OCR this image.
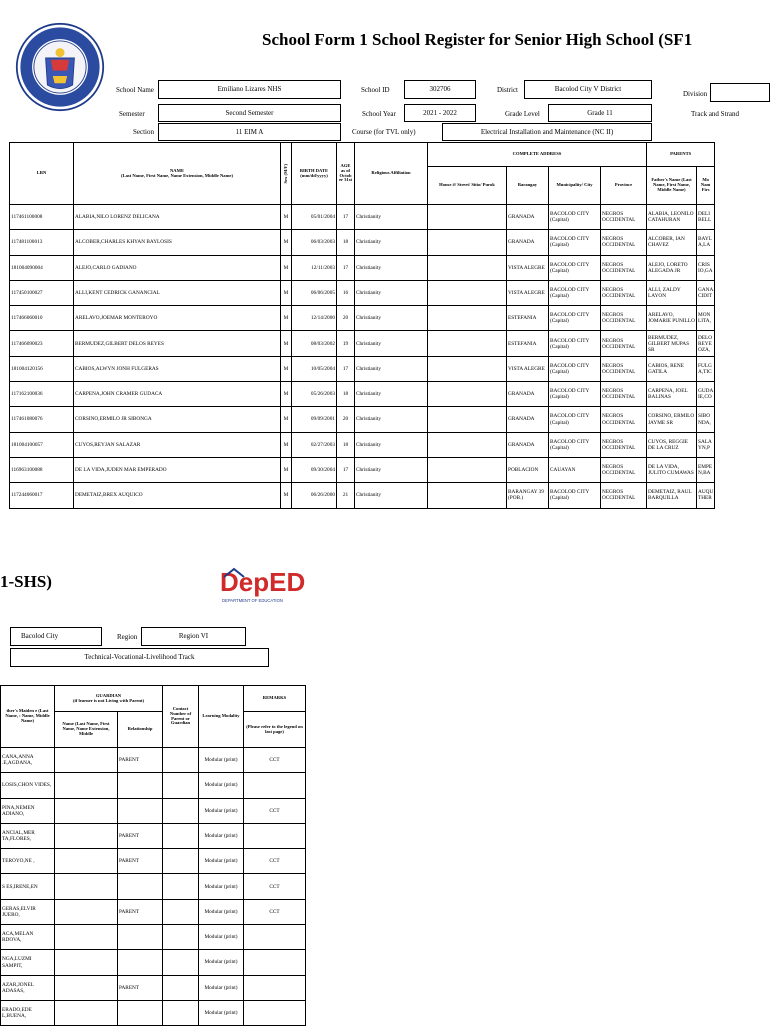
School Form 1 School Register for Senior High School (SF1
School Name	Emiliano Lizares NHS	School ID	302706	District	Bacolod City V District
Division
Semester	Second Semester	School Year	2021 - 2022	Grade Level	Grade 11	Track and Strand
Section	11 EIM A	Course (for TVL only)	Electrical Installation and Maintenance (NC II)
LRN	NAME
(Last Name, First Name, Name Extension, Middle Name)	Sex (M/F)	BIRTH DATE (mm/dd/yyyy)	AGE as of Octob er 31st	Religious Affiliation	COMPLETE ADDRESS				PARENTS	
						House #/ Street/ Sitio/ Purok	Barangay	Municipality/ City	Province	Father's Name (Last Name, First Name, Middle Name)	Mo Nam Firs
117461100008	ALABIA,NILO LORENZ DELICANA	M	05/01/2004	17	Christianity		GRANADA	BACOLOD CITY (Capital)	NEGROS OCCIDENTAL	ALABIA, LEONILO CATAHURAN	DELI BELL
117481100013	ALCOBER,CHARLES KHYAN BAYLOSIS	M	06/03/2003	18	Christianity		GRANADA	BACOLOD CITY (Capital)	NEGROS OCCIDENTAL	ALCOBER, IAN CHAVEZ	BAYL A,LA
181004090004	ALEJO,CARLO GADIANO	M	12/11/2003	17	Christianity		VISTA ALEGRE	BACOLOD CITY (Capital)	NEGROS OCCIDENTAL	ALEJO, LORETO ALEGADA JR	CRIS IO,GA
117450100027	ALLI,KENT CEDRICK GANANCIAL	M	06/06/2005	16	Christianity		VISTA ALEGRE	BACOLOD CITY (Capital)	NEGROS OCCIDENTAL	ALLI, ZALDY LAYON	GANA CIDIT
117466060010	ARELAVO,JOEMAR MONTEROYO	M	12/14/2000	20	Christianity		ESTEFANIA	BACOLOD CITY (Capital)	NEGROS OCCIDENTAL	ARELAVO, JOMARIE PUNILLO	MON LITA,
117466090023	BERMUDEZ,GILBERT DELOS REYES	M	08/03/2002	19	Christianity		ESTEFANIA	BACOLOD CITY (Capital)	NEGROS OCCIDENTAL	BERMUDEZ, GILBERT MUPAS SR	DELO REYE OZA,
181004120156	CABIOS,ALWYN JONH FULGERAS	M	10/05/2004	17	Christianity		VISTA ALEGRE	BACOLOD CITY (Capital)	NEGROS OCCIDENTAL	CABIOS, RENE GATILA	FULG A,TIC
117162100036	CARPENA,JOHN CRAMER GUDACA	M	05/26/2003	18	Christianity		GRANADA	BACOLOD CITY (Capital)	NEGROS OCCIDENTAL	CARPENA, JOEL BALINAS	GUDA IE,CO
117461080076	CORSINO,ERMILO JR SIBONGA	M	09/09/2001	20	Christianity		GRANADA	BACOLOD CITY (Capital)	NEGROS OCCIDENTAL	CORSINO, ERMILO JAYME SR	SIBO NDA,
181004100057	CUYOS,REYJAN SALAZAR	M	02/27/2003	18	Christianity		GRANADA	BACOLOD CITY (Capital)	NEGROS OCCIDENTAL	CUYOS, REGGIE DE LA CRUZ	SALA YN,P
116963100088	DE LA VIDA,JUDEN MAR EMPERADO	M	09/30/2004	17	Christianity		POBLACION	CAUAYAN	NEGROS OCCIDENTAL	DE LA VIDA, JULITO CUMAWAS	EMPE N,BA
117244060017	DEMETAIZ,BREX AUQUICO	M	06/26/2000	21	Christianity		BARANGAY 39 (POB.)	BACOLOD CITY (Capital)	NEGROS OCCIDENTAL	DEMETAIZ, RAUL BARQUILLA	AUQU THER
1-SHS)	DepED
DEPARTMENT OF EDUCATION
Bacolod City	Region	Region VI
Technical-Vocational-Livelihood Track
ther's Maiden e (Last Name, : Name, Middle Name)	GUARDIAN
(if learner is not Living with Parent)		Contact Number of Parent or Guardian	Learning Modality	REMARKS
	Name (Last Name, First Name, Name Extension, Middle	Relationship			(Please refer to the legend on last page)
CANA,ANNA .E,AGDANA,		PARENT		Modular (print)	CCT
LOSIS,CHON VIDES,				Modular (print)	
PINA,NEMEN ADIANO,				Modular (print)	CCT
ANCIAL,MER TA,FLORES,		PARENT		Modular (print)	
TEROYO,NE ,		PARENT		Modular (print)	CCT
S ES,IRENE,EN				Modular (print)	CCT
GERAS,ELVIR JUERO,		PARENT		Modular (print)	CCT
ACA,MELAN RDOVA,				Modular (print)	
NGA,LUZMI SAMPIT,				Modular (print)	
AZAR,JONEL ADASAS,		PARENT		Modular (print)	
ERADO,EDE L,BUENA,				Modular (print)	
